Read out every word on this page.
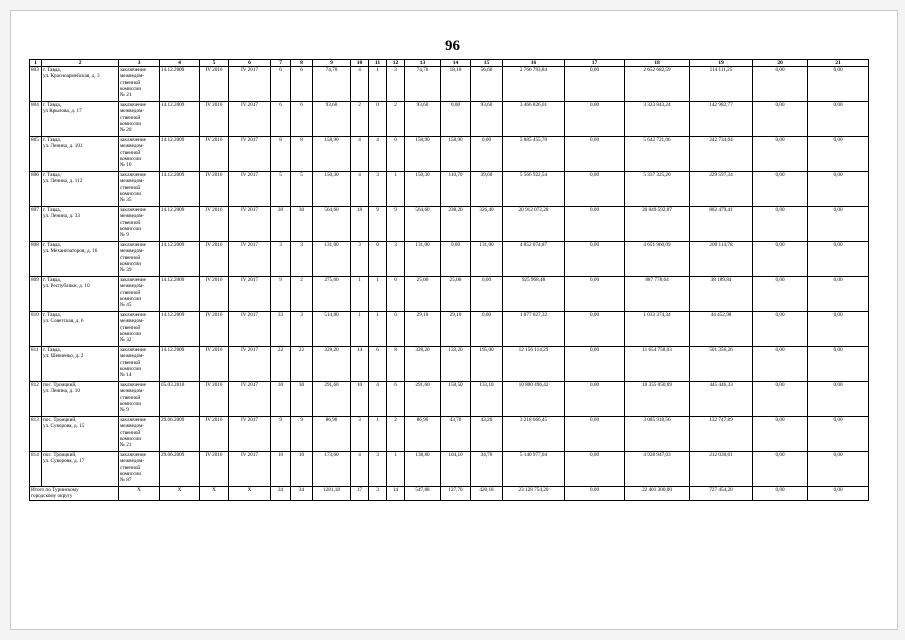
96
1	2	3	4	5	6	7	8	9	10	11	12	13	14	15	16	17	18	19	20	21
803	г. Тавда,
ул. Красноармейская, д. 3	заключение
межведом-
ственной
комиссии
№ 21	14.12.2009	IV 2016	IV 2017	6	6	74,70	4	1	3	74,70	18,10	56,60	2 766 793,84	0,00	2 652 682,59	114 111,25	0,00	0,00
804	г. Тавда,
ул Крылова, д. 17	заключение
межведом-
ственной
комиссии
№ 20	14.12.2009	IV 2016	IV 2017	6	6	93,60	2	0	2	93,60	0,00	93,60	3 466 826,01	0,00	3 323 843,24	142 982,77	0,00	0,00
805	г. Тавда,
ул. Ленина, д. 101	заключение
межведом-
ственной
комиссии
№ 10	14.12.2009	IV 2016	IV 2017	8	8	158,90	4	4	0	158,90	158,90	0,00	5 885 455,70	0,00	5 642 721,06	242 734,64	0,00	0,00
806	г. Тавда,
ул. Ленина, д. 112	заключение
межведом-
ственной
комиссии
№ 35	14.12.2009	IV 2016	IV 2017	5	5	150,30	4	3	1	150,30	110,70	39,60	5 566 922,54	0,00	5 337 325,20	229 597,34	0,00	0,00
807	г. Тавда,
ул. Ленина, д. 33	заключение
межведом-
ственной
комиссии
№ 9	14.12.2009	IV 2016	IV 2017	30	30	564,60	18	9	9	564,60	238,20	326,40	20 912 072,28	0,00	20 049 592,87	862 479,41	0,00	0,00
808	г. Тавда,
ул. Механизаторов, д. 16	заключение
межведом-
ственной
комиссии
№ 39	14.12.2009	IV 2016	IV 2017	3	3	131,00	3	0	3	131,00	0,00	131,00	4 852 074,87	0,00	4 651 960,09	200 114,78	0,00	0,00
809	г. Тавда,
ул. Республики, д. 10	заключение
межведом-
ственной
комиссии
№ 45	14.12.2009	IV 2016	IV 2017	9	2	275,60	1	1	0	25,00	25,00	0,00	925 968,48	0,00	887 778,64	38 189,84	0,00	0,00
810	г. Тавда,
ул. Советская, д. 6	заключение
межведом-
ственной
комиссии
№ 32	14.12.2009	IV 2016	IV 2017	33	3	514,80	1	1	0	29,10	29,10	0,00	1 077 827,32	0,00	1 033 374,34	44 452,98	0,00	0,00
811	г. Тавда,
ул. Шевченко, д. 2	заключение
межведом-
ственной
комиссии
№ 14	14.12.2009	IV 2016	IV 2017	22	22	328,20	14	6	8	328,20	133,20	195,00	12 156 114,29	0,00	11 654 758,03	501 356,26	0,00	0,00
812	пос. Троицкий,
ул. Ленина, д. 10	заключение
межведом-
ственной
комиссии
№ 9	05.03.2010	IV 2016	IV 2017	30	30	291,60	10	4	6	291,60	158,50	133,10	10 800 496,42	0,00	10 355 050,09	445 446,33	0,00	0,00
813	пос. Троицкий,
ул. Суворова, д. 15	заключение
межведом-
ственной
комиссии
№ 21	29.06.2009	IV 2016	IV 2017	9	9	86,90	3	1	2	86,90	43,70	43,20	3 218 666,45	0,00	3 085 918,56	132 747,89	0,00	0,00
814	пос. Троицкий,
ул. Суворова, д. 17	заключение
межведом-
ственной
комиссии
№ 87	29.06.2009	IV 2016	IV 2017	10	10	173,60	4	3	1	138,80	104,10	34,70	5 140 977,04	0,00	4 928 947,03	212 030,01	0,00	0,00
Итого по Туринскому
городскому округу		X	X	X	X	34	34	1281,18	17	3	14	547,88	127,70	420,18	23 128 754,20	0,00	22 401 300,00	727 454,20	0,00	0,00
